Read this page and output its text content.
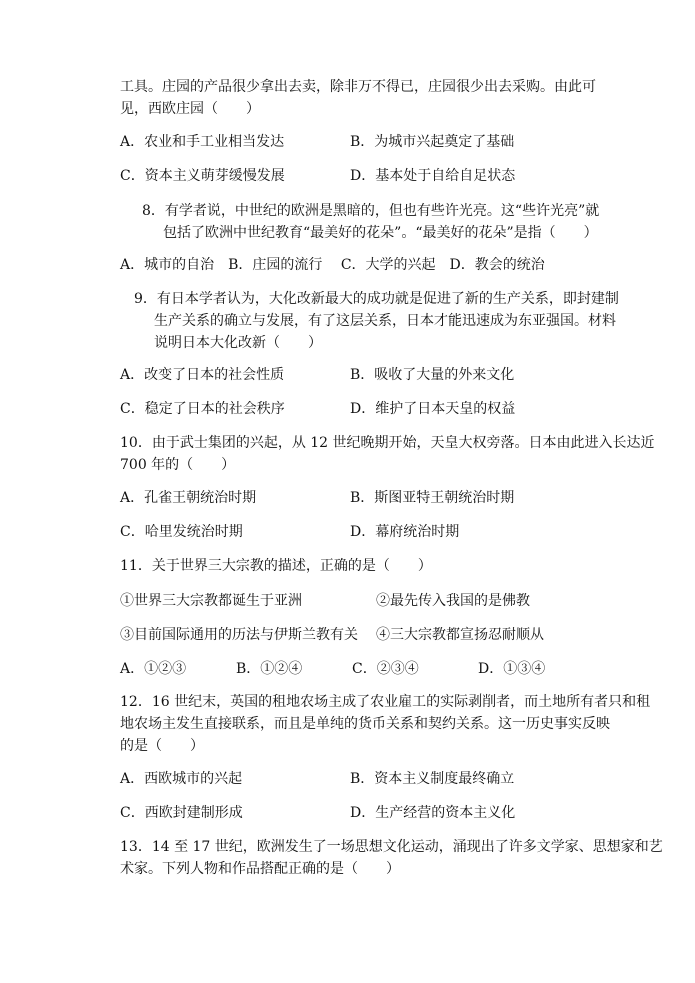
工具。庄园的产品很少拿出去卖，除非万不得已，庄园很少出去采购。由此可
见，西欧庄园（　　）
A．农业和手工业相当发达	B．为城市兴起奠定了基础
C．资本主义萌芽缓慢发展	D．基本处于自给自足状态
8．有学者说，中世纪的欧洲是黑暗的，但也有些许光亮。这“些许光亮”就
包括了欧洲中世纪教育“最美好的花朵”。“最美好的花朵”是指（　　）
A．城市的自治　B．庄园的流行　 C．大学的兴起　D．教会的统治
9．有日本学者认为，大化改新最大的成功就是促进了新的生产关系，即封建制
生产关系的确立与发展，有了这层关系，日本才能迅速成为东亚强国。材料
说明日本大化改新（　　）
A．改变了日本的社会性质	B．吸收了大量的外来文化
C．稳定了日本的社会秩序	D．维护了日本天皇的权益
10．由于武士集团的兴起，从 12 世纪晚期开始，天皇大权旁落。日本由此进入长达近
700 年的（　　）
A．孔雀王朝统治时期	B．斯图亚特王朝统治时期
C．哈里发统治时期	D．幕府统治时期
11．关于世界三大宗教的描述，正确的是（　　）
①世界三大宗教都诞生于亚洲	②最先传入我国的是佛教
③目前国际通用的历法与伊斯兰教有关 ④三大宗教都宣扬忍耐顺从
A．①②③	B．①②④	C．②③④	D．①③④
12．16 世纪末，英国的租地农场主成了农业雇工的实际剥削者，而土地所有者只和租
地农场主发生直接联系，而且是单纯的货币关系和契约关系。这一历史事实反映
的是（　　）
A．西欧城市的兴起	B．资本主义制度最终确立
C．西欧封建制形成	D．生产经营的资本主义化
13．14 至 17 世纪，欧洲发生了一场思想文化运动，涌现出了许多文学家、思想家和艺
术家。下列人物和作品搭配正确的是（　　）
